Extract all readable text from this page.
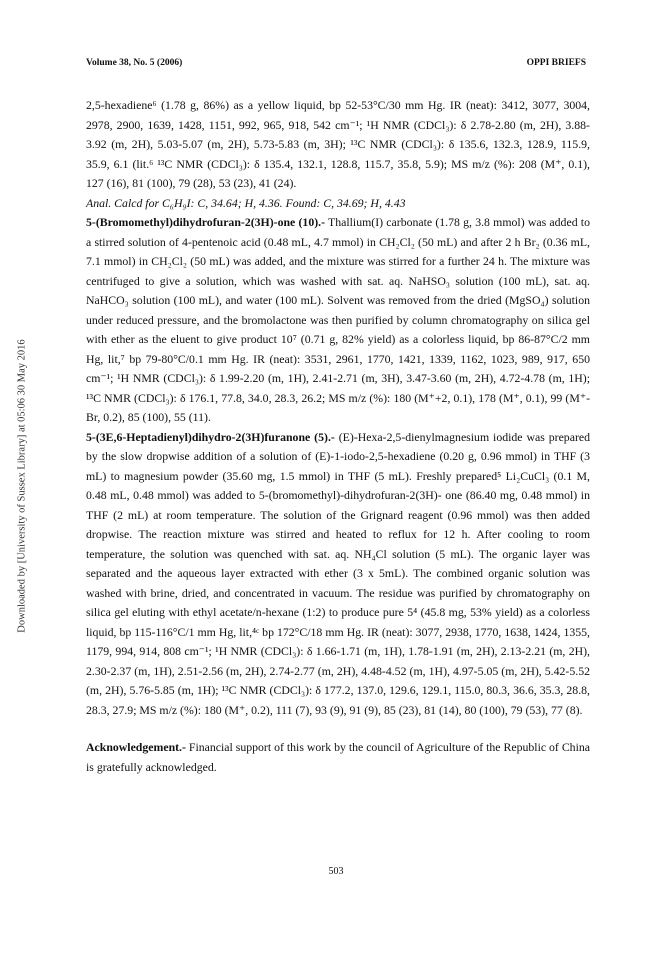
Volume 38, No. 5 (2006)	OPPI BRIEFS
Downloaded by [University of Sussex Library] at 05:06 30 May 2016

2,5-hexadiene⁶ (1.78 g, 86%) as a yellow liquid, bp 52-53°C/30 mm Hg. IR (neat): 3412, 3077, 3004, 2978, 2900, 1639, 1428, 1151, 992, 965, 918, 542 cm⁻¹; ¹H NMR (CDCl₃): δ 2.78-2.80 (m, 2H), 3.88-3.92 (m, 2H), 5.03-5.07 (m, 2H), 5.73-5.83 (m, 3H); ¹³C NMR (CDCl₃): δ 135.6, 132.3, 128.9, 115.9, 35.9, 6.1 (lit.⁶ ¹³C NMR (CDCl₃): δ 135.4, 132.1, 128.8, 115.7, 35.8, 5.9); MS m/z (%): 208 (M⁺, 0.1), 127 (16), 81 (100), 79 (28), 53 (23), 41 (24).

Anal. Calcd for C₆H₉I: C, 34.64; H, 4.36. Found: C, 34.69; H, 4.43

5-(Bromomethyl)dihydrofuran-2(3H)-one (10).- Thallium(I) carbonate (1.78 g, 3.8 mmol) was added to a stirred solution of 4-pentenoic acid (0.48 mL, 4.7 mmol) in CH₂Cl₂ (50 mL) and after 2 h Br₂ (0.36 mL, 7.1 mmol) in CH₂Cl₂ (50 mL) was added, and the mixture was stirred for a further 24 h. The mixture was centrifuged to give a solution, which was washed with sat. aq. NaHSO₃ solution (100 mL), sat. aq. NaHCO₃ solution (100 mL), and water (100 mL). Solvent was removed from the dried (MgSO₄) solution under reduced pressure, and the bromolactone was then purified by column chromatography on silica gel with ether as the eluent to give product 10⁷ (0.71 g, 82% yield) as a colorless liquid, bp 86-87°C/2 mm Hg, lit,⁷ bp 79-80°C/0.1 mm Hg. IR (neat): 3531, 2961, 1770, 1421, 1339, 1162, 1023, 989, 917, 650 cm⁻¹; ¹H NMR (CDCl₃): δ 1.99-2.20 (m, 1H), 2.41-2.71 (m, 3H), 3.47-3.60 (m, 2H), 4.72-4.78 (m, 1H); ¹³C NMR (CDCl₃): δ 176.1, 77.8, 34.0, 28.3, 26.2; MS m/z (%): 180 (M⁺+2, 0.1), 178 (M⁺, 0.1), 99 (M⁺-Br, 0.2), 85 (100), 55 (11).

5-(3E,6-Heptadienyl)dihydro-2(3H)furanone (5).- (E)-Hexa-2,5-dienylmagnesium iodide was prepared by the slow dropwise addition of a solution of (E)-1-iodo-2,5-hexadiene (0.20 g, 0.96 mmol) in THF (3 mL) to magnesium powder (35.60 mg, 1.5 mmol) in THF (5 mL). Freshly prepared⁵ Li₂CuCl₃ (0.1 M, 0.48 mL, 0.48 mmol) was added to 5-(bromomethyl)-dihydrofuran-2(3H)- one (86.40 mg, 0.48 mmol) in THF (2 mL) at room temperature. The solution of the Grignard reagent (0.96 mmol) was then added dropwise. The reaction mixture was stirred and heated to reflux for 12 h. After cooling to room temperature, the solution was quenched with sat. aq. NH₄Cl solution (5 mL). The organic layer was separated and the aqueous layer extracted with ether (3 x 5mL). The combined organic solution was washed with brine, dried, and concentrated in vacuum. The residue was purified by chromatography on silica gel eluting with ethyl acetate/n-hexane (1:2) to produce pure 5⁴ (45.8 mg, 53% yield) as a colorless liquid, bp 115-116°C/1 mm Hg, lit,⁴ᶜ bp 172°C/18 mm Hg. IR (neat): 3077, 2938, 1770, 1638, 1424, 1355, 1179, 994, 914, 808 cm⁻¹; ¹H NMR (CDCl₃): δ 1.66-1.71 (m, 1H), 1.78-1.91 (m, 2H), 2.13-2.21 (m, 2H), 2.30-2.37 (m, 1H), 2.51-2.56 (m, 2H), 2.74-2.77 (m, 2H), 4.48-4.52 (m, 1H), 4.97-5.05 (m, 2H), 5.42-5.52 (m, 2H), 5.76-5.85 (m, 1H); ¹³C NMR (CDCl₃): δ 177.2, 137.0, 129.6, 129.1, 115.0, 80.3, 36.6, 35.3, 28.8, 28.3, 27.9; MS m/z (%): 180 (M⁺, 0.2), 111 (7), 93 (9), 91 (9), 85 (23), 81 (14), 80 (100), 79 (53), 77 (8).

Acknowledgement.- Financial support of this work by the council of Agriculture of the Republic of China is gratefully acknowledged.

503
